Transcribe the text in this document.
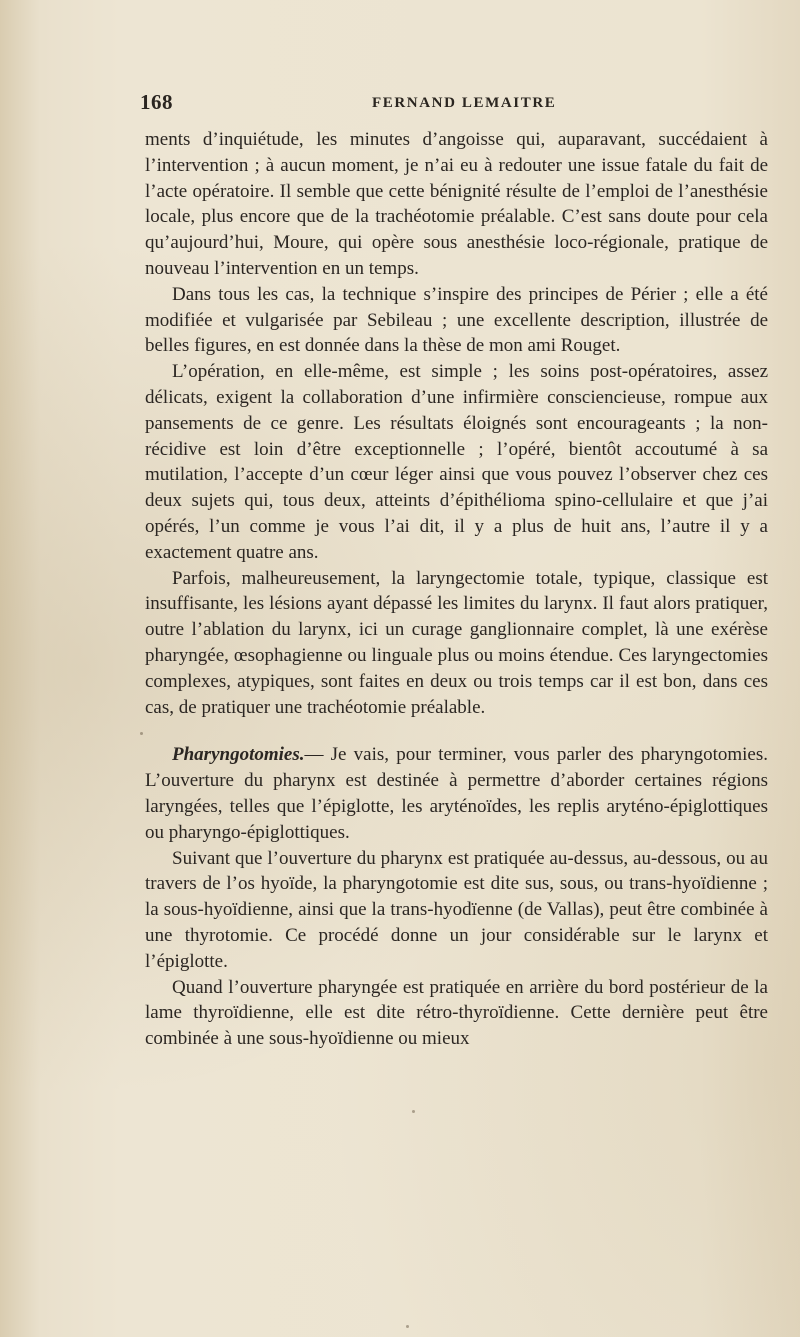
168	FERNAND LEMAITRE

ments d’inquiétude, les minutes d’angoisse qui, auparavant, succédaient à l’intervention ; à aucun moment, je n’ai eu à redouter une issue fatale du fait de l’acte opératoire. Il semble que cette bénignité résulte de l’emploi de l’anesthésie locale, plus encore que de la trachéotomie préalable. C’est sans doute pour cela qu’aujourd’hui, Moure, qui opère sous anesthésie loco-régionale, pratique de nouveau l’intervention en un temps.

Dans tous les cas, la technique s’inspire des principes de Périer ; elle a été modifiée et vulgarisée par Sebileau ; une excellente description, illustrée de belles figures, en est donnée dans la thèse de mon ami Rouget.

L’opération, en elle-même, est simple ; les soins post-opératoires, assez délicats, exigent la collaboration d’une infirmière consciencieuse, rompue aux pansements de ce genre. Les résultats éloignés sont encourageants ; la non-récidive est loin d’être exceptionnelle ; l’opéré, bientôt accoutumé à sa mutilation, l’accepte d’un cœur léger ainsi que vous pouvez l’observer chez ces deux sujets qui, tous deux, atteints d’épithélioma spino-cellulaire et que j’ai opérés, l’un comme je vous l’ai dit, il y a plus de huit ans, l’autre il y a exactement quatre ans.

Parfois, malheureusement, la laryngectomie totale, typique, classique est insuffisante, les lésions ayant dépassé les limites du larynx. Il faut alors pratiquer, outre l’ablation du larynx, ici un curage ganglionnaire complet, là une exérèse pharyngée, œsophagienne ou linguale plus ou moins étendue. Ces laryngectomies complexes, atypiques, sont faites en deux ou trois temps car il est bon, dans ces cas, de pratiquer une trachéotomie préalable.

Pharyngotomies.— Je vais, pour terminer, vous parler des pharyngotomies. L’ouverture du pharynx est destinée à permettre d’aborder certaines régions laryngées, telles que l’épiglotte, les aryténoïdes, les replis aryténo-épiglottiques ou pharyngo-épiglottiques.

Suivant que l’ouverture du pharynx est pratiquée au-dessus, au-dessous, ou au travers de l’os hyoïde, la pharyngotomie est dite sus, sous, ou trans-hyoïdienne ; la sous-hyoïdienne, ainsi que la trans-hyodïenne (de Vallas), peut être combinée à une thyrotomie. Ce procédé donne un jour considérable sur le larynx et l’épiglotte.

Quand l’ouverture pharyngée est pratiquée en arrière du bord postérieur de la lame thyroïdienne, elle est dite rétro-thyroïdienne. Cette dernière peut être combinée à une sous-hyoïdienne ou mieux
